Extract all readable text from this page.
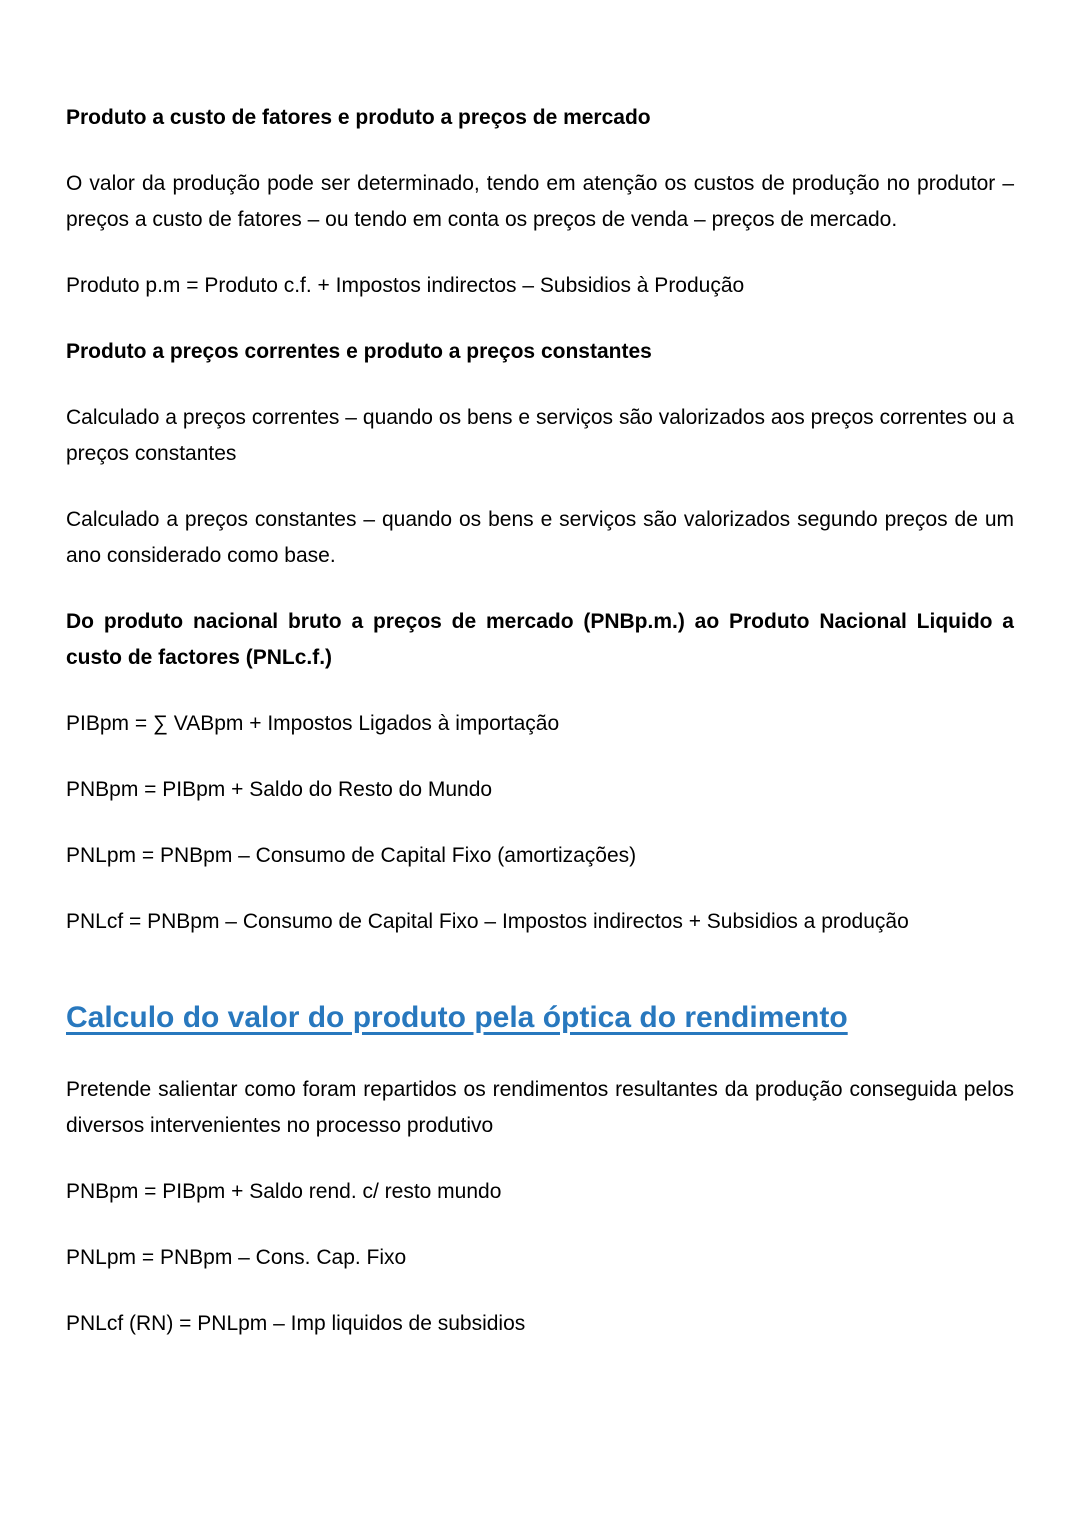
Produto a custo de fatores e produto a preços de mercado
O valor da produção pode ser determinado, tendo em atenção os custos de produção no produtor – preços a custo de fatores – ou tendo em conta os preços de venda – preços de mercado.
Produto p.m = Produto c.f. + Impostos indirectos – Subsidios à Produção
Produto a preços correntes e produto a preços constantes
Calculado a preços correntes – quando os bens e serviços são valorizados aos preços correntes ou a preços constantes
Calculado a preços constantes – quando os bens e serviços são valorizados segundo preços de um ano considerado como base.
Do produto nacional bruto a preços de mercado (PNBp.m.) ao Produto Nacional Liquido a custo de factores (PNLc.f.)
PIBpm = ∑ VABpm + Impostos Ligados à importação
PNBpm = PIBpm + Saldo do Resto do Mundo
PNLpm = PNBpm – Consumo de Capital Fixo (amortizações)
PNLcf = PNBpm – Consumo de Capital Fixo – Impostos indirectos + Subsidios a produção
Calculo do valor do produto pela óptica do rendimento
Pretende salientar como foram repartidos os rendimentos resultantes da produção conseguida pelos diversos intervenientes no processo produtivo
PNBpm = PIBpm + Saldo rend. c/ resto mundo
PNLpm = PNBpm – Cons. Cap. Fixo
PNLcf (RN) = PNLpm – Imp liquidos de subsidios
